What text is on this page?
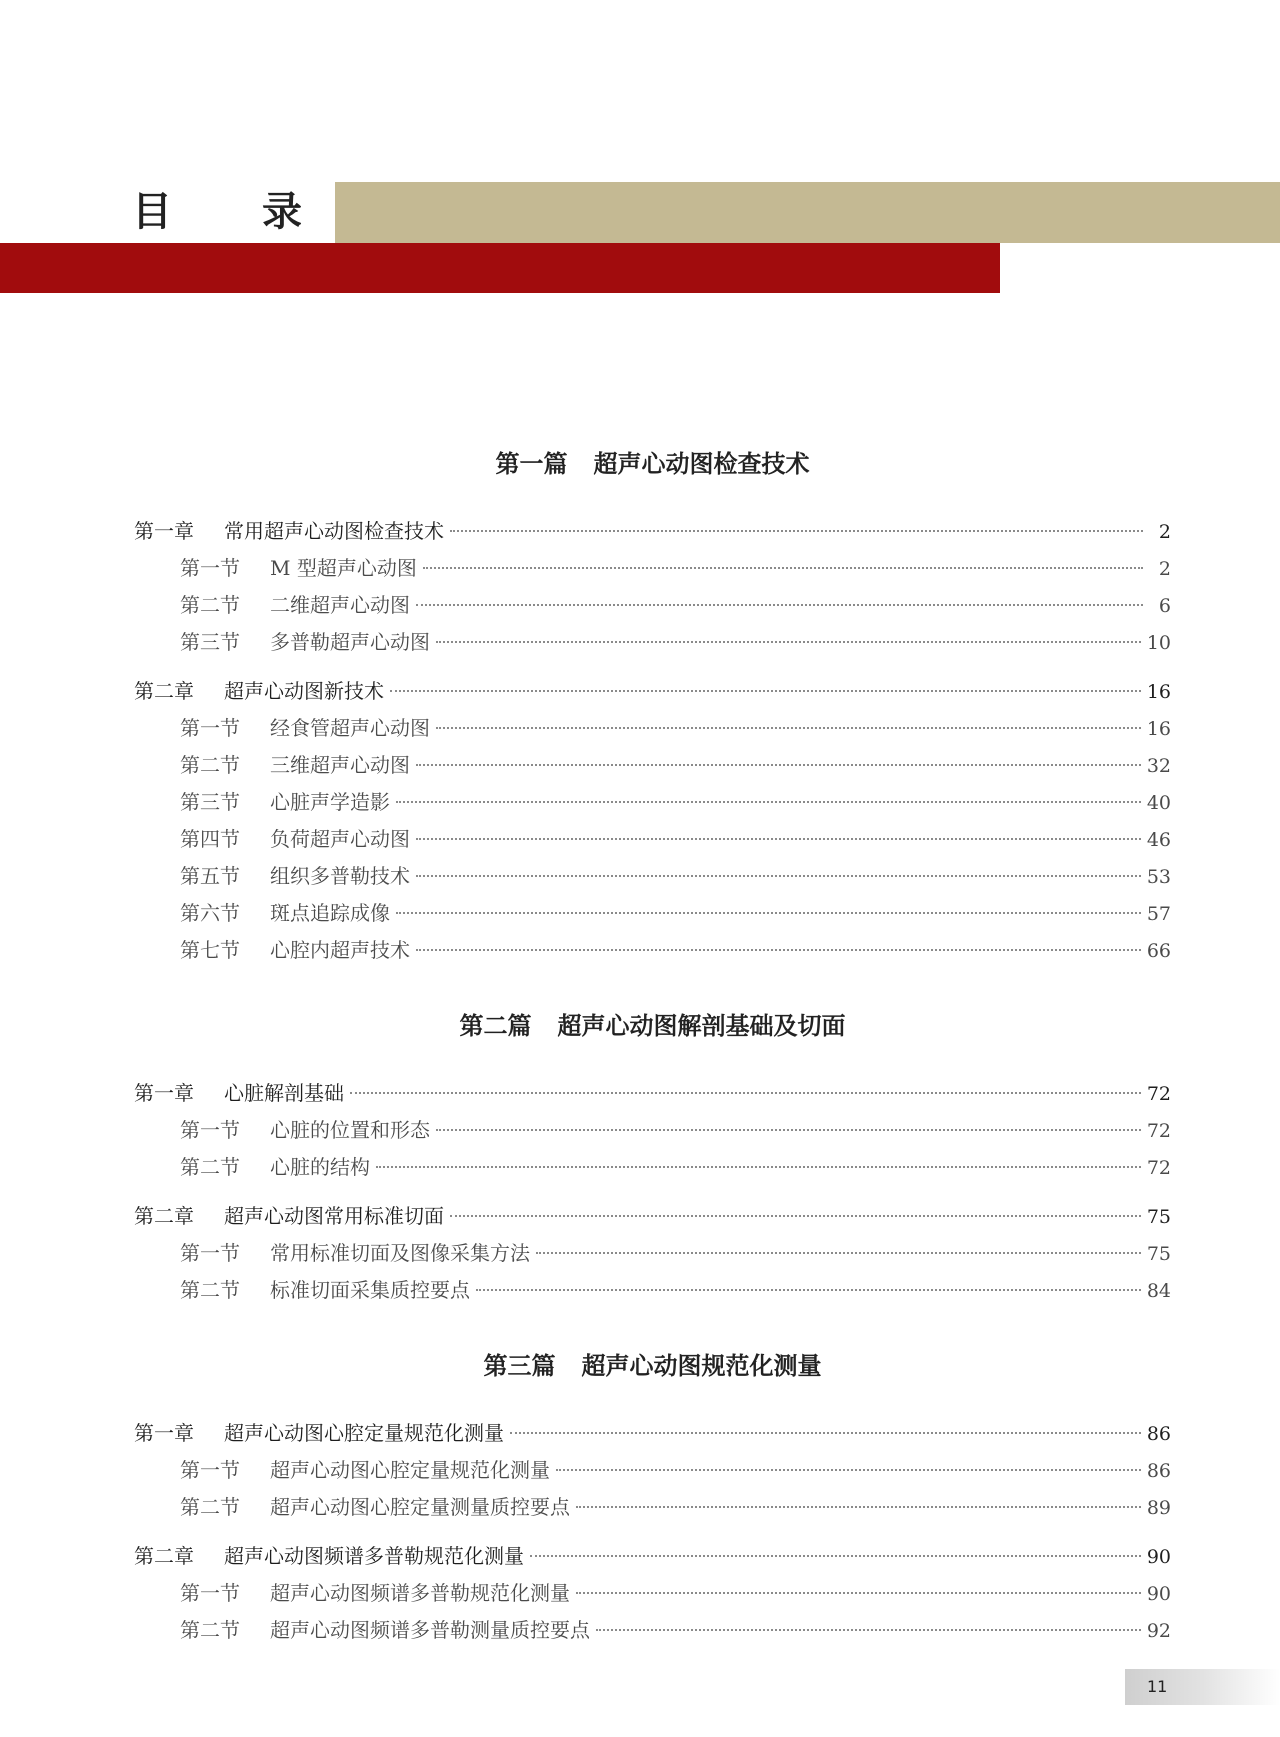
目 录
第一篇 超声心动图检查技术
第一章	常用超声心动图检查技术	2
第一节	M 型超声心动图	2
第二节	二维超声心动图	6
第三节	多普勒超声心动图	10
第二章	超声心动图新技术	16
第一节	经食管超声心动图	16
第二节	三维超声心动图	32
第三节	心脏声学造影	40
第四节	负荷超声心动图	46
第五节	组织多普勒技术	53
第六节	斑点追踪成像	57
第七节	心腔内超声技术	66
第二篇 超声心动图解剖基础及切面
第一章	心脏解剖基础	72
第一节	心脏的位置和形态	72
第二节	心脏的结构	72
第二章	超声心动图常用标准切面	75
第一节	常用标准切面及图像采集方法	75
第二节	标准切面采集质控要点	84
第三篇 超声心动图规范化测量
第一章	超声心动图心腔定量规范化测量	86
第一节	超声心动图心腔定量规范化测量	86
第二节	超声心动图心腔定量测量质控要点	89
第二章	超声心动图频谱多普勒规范化测量	90
第一节	超声心动图频谱多普勒规范化测量	90
第二节	超声心动图频谱多普勒测量质控要点	92
11
